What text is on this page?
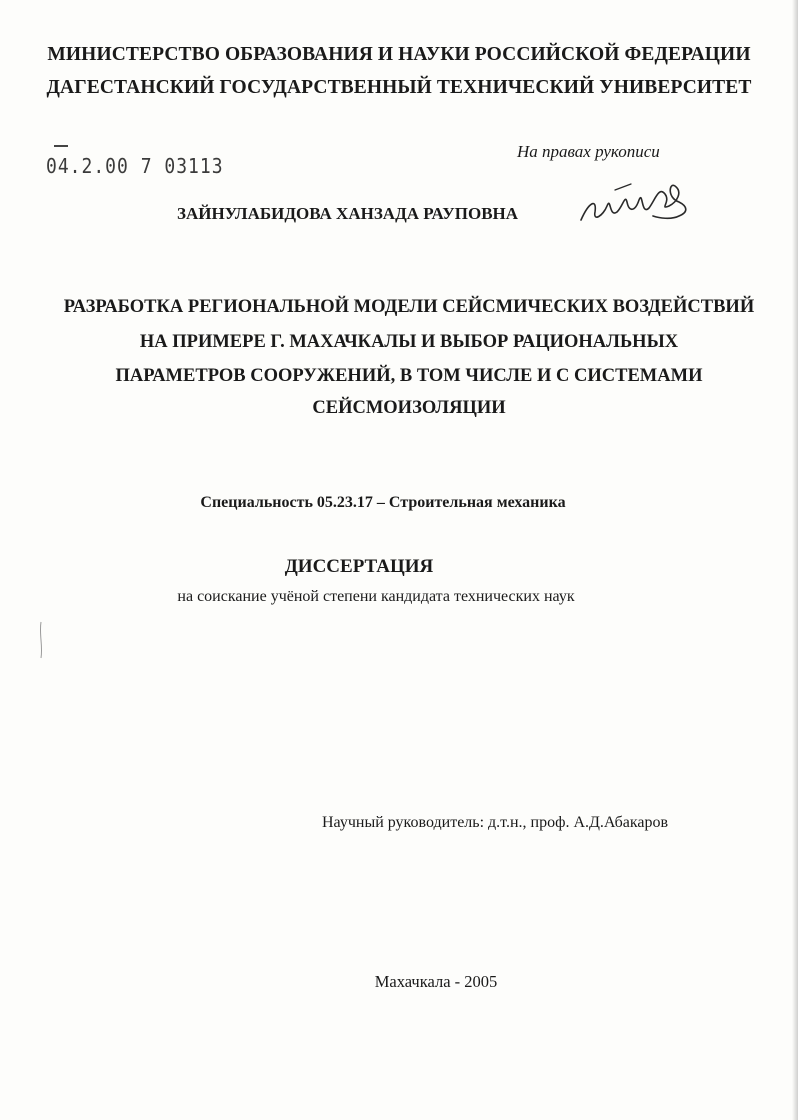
МИНИСТЕРСТВО ОБРАЗОВАНИЯ И НАУКИ РОССИЙСКОЙ ФЕДЕРАЦИИ
ДАГЕСТАНСКИЙ ГОСУДАРСТВЕННЫЙ ТЕХНИЧЕСКИЙ УНИВЕРСИТЕТ
04.2.00 7 03113
На правах рукописи
ЗАЙНУЛАБИДОВА ХАНЗАДА РАУПОВНА
РАЗРАБОТКА РЕГИОНАЛЬНОЙ МОДЕЛИ СЕЙСМИЧЕСКИХ ВОЗДЕЙСТВИЙ
НА ПРИМЕРЕ Г. МАХАЧКАЛЫ И ВЫБОР РАЦИОНАЛЬНЫХ
ПАРАМЕТРОВ СООРУЖЕНИЙ, В ТОМ ЧИСЛЕ И С СИСТЕМАМИ
СЕЙСМОИЗОЛЯЦИИ
Специальность 05.23.17 – Строительная механика
ДИССЕРТАЦИЯ
на соискание учёной степени кандидата технических наук
Научный руководитель: д.т.н., проф. А.Д.Абакаров
Махачкала - 2005
